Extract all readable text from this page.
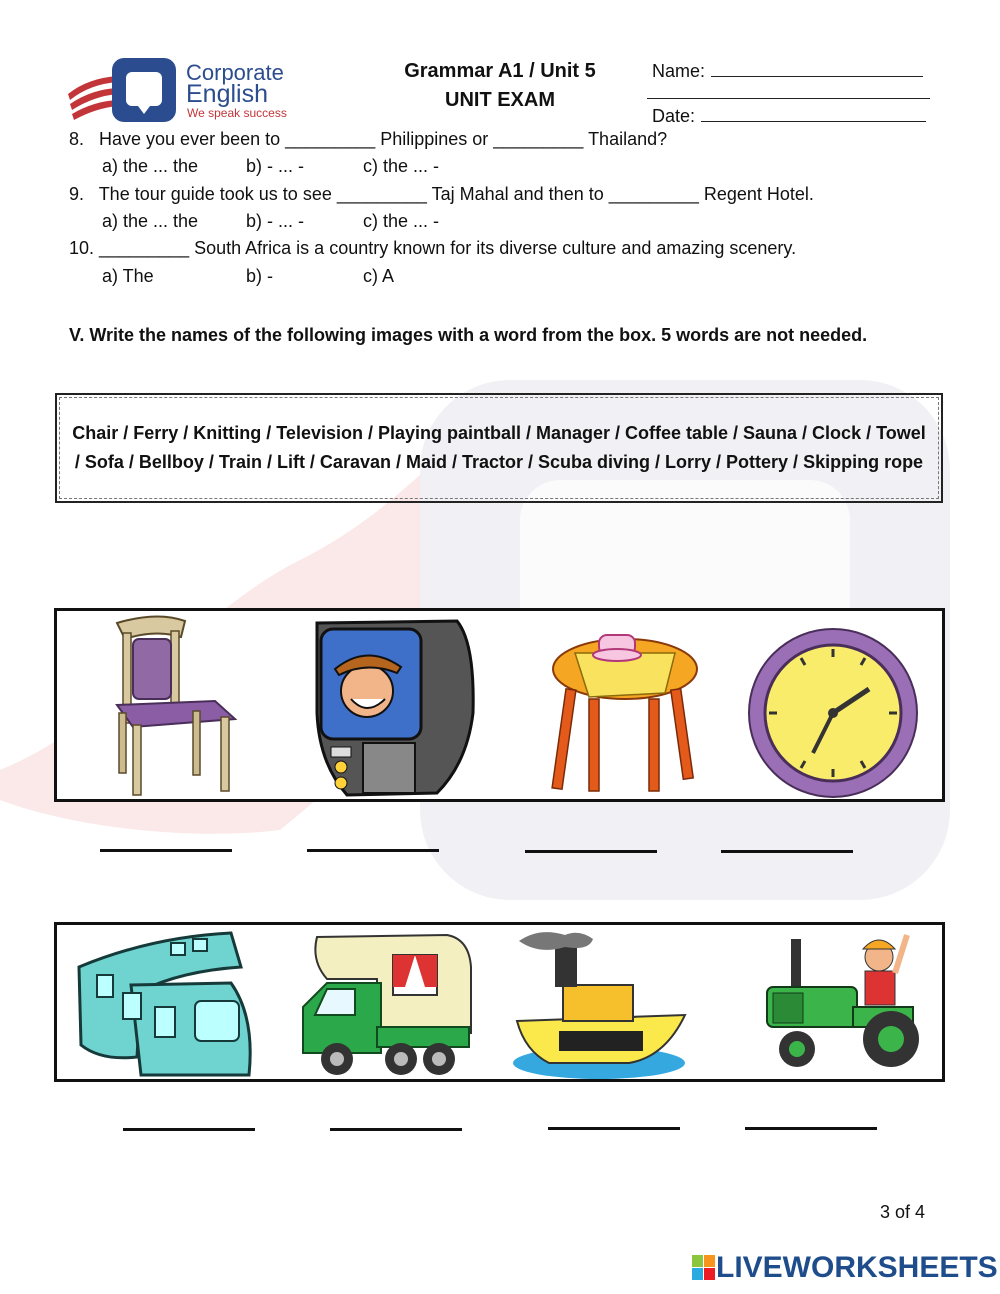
Corporate
English
We speak success
Grammar A1 / Unit 5
UNIT EXAM
Name:
Date:
8.   Have you ever been to _________ Philippines or _________ Thailand?
a) the ... the	b) - ... -	c) the ... -
9.   The tour guide took us to see _________ Taj Mahal and then to _________ Regent Hotel.
a) the ... the	b) - ... -	c) the ... -
10. _________ South Africa is a country known for its diverse culture and amazing scenery.
a) The	b) -	c) A
V. Write the names of the following images with a word from the box. 5 words are not needed.
Chair / Ferry / Knitting / Television / Playing paintball / Manager / Coffee table / Sauna / Clock / Towel / Sofa / Bellboy / Train / Lift / Caravan / Maid / Tractor / Scuba diving / Lorry / Pottery / Skipping rope
3 of 4
LIVEWORKSHEETS
